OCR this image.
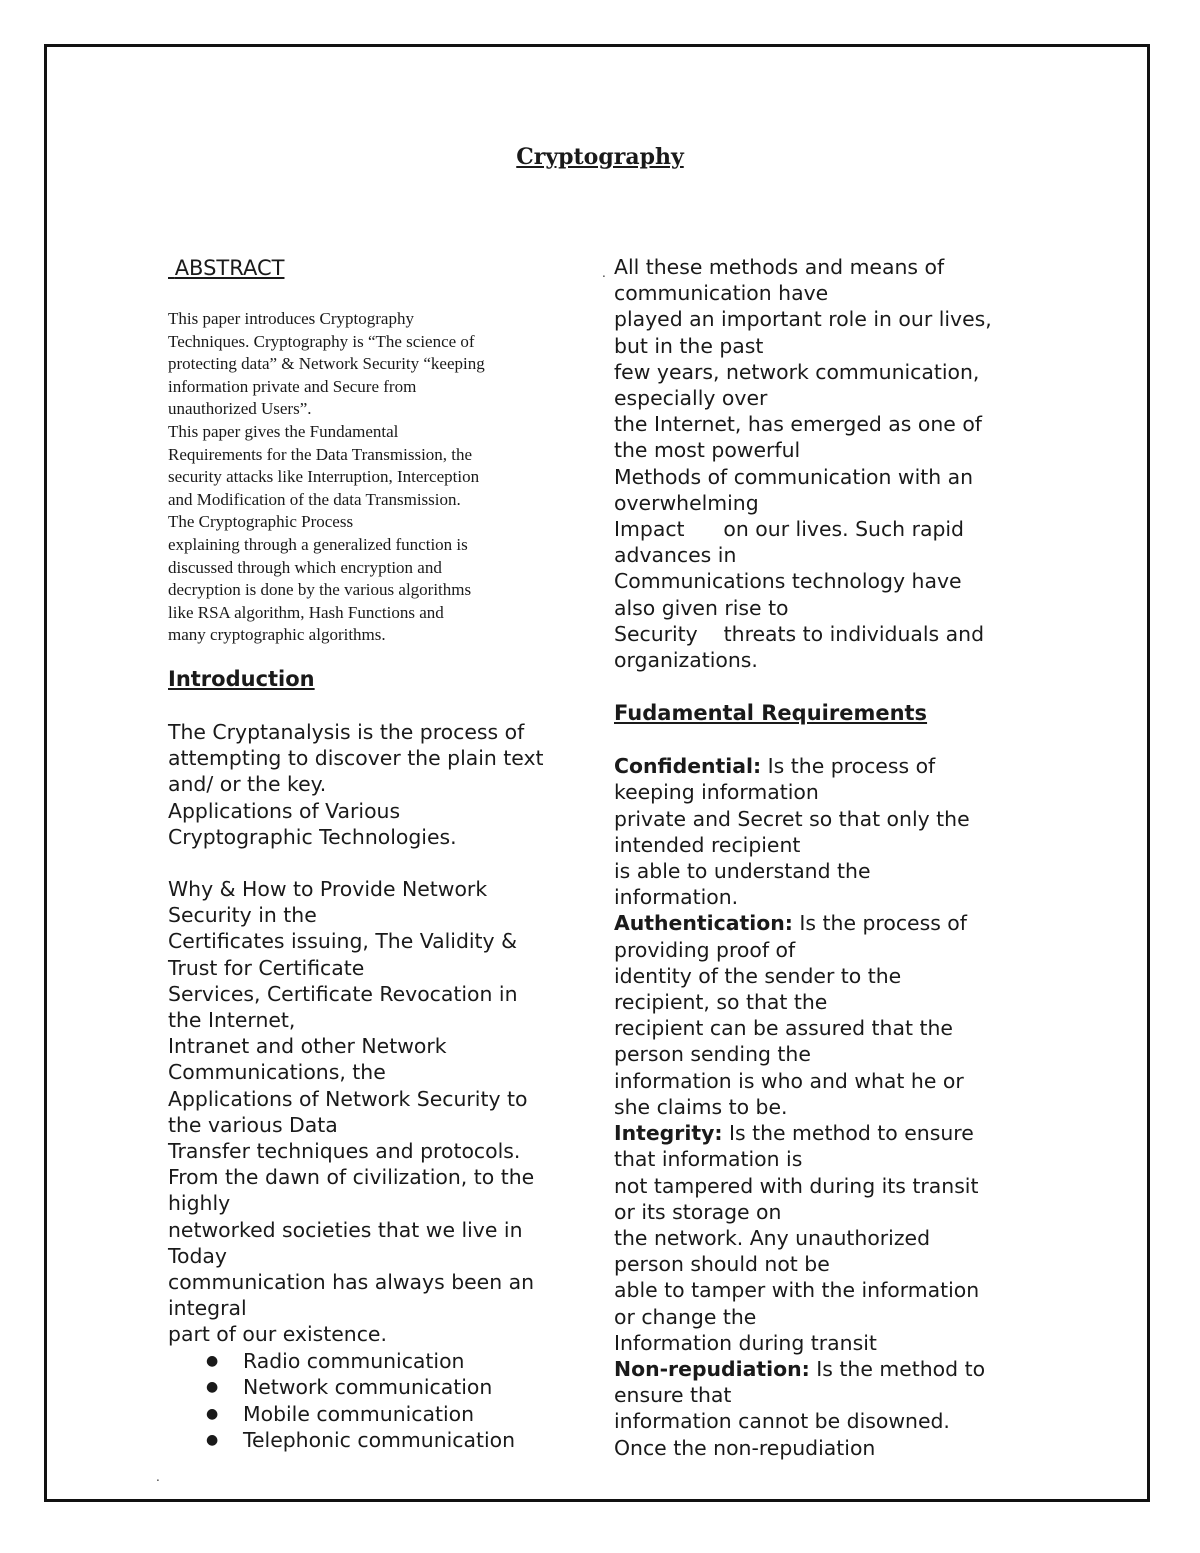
Cryptography
.
.
ABSTRACT
This paper introduces Cryptography
Techniques. Cryptography is “The science of
protecting data” & Network Security “keeping
information private and Secure from
unauthorized Users”.
This paper gives the Fundamental
Requirements for the Data Transmission, the
security attacks like Interruption, Interception
and Modification of the data Transmission.
The Cryptographic Process
explaining through a generalized function is
discussed through which encryption and
decryption is done by the various algorithms
like RSA algorithm, Hash Functions and
many cryptographic algorithms.
Introduction
The Cryptanalysis is the process of
attempting to discover the plain text
and/ or the key.
Applications of Various
Cryptographic Technologies.
Why & How to Provide Network
Security in the
Certificates issuing, The Validity &
Trust for Certificate
Services, Certificate Revocation in
the Internet,
Intranet and other Network
Communications, the
Applications of Network Security to
the various Data
Transfer techniques and protocols.
From the dawn of civilization, to the
highly
networked societies that we live in
Today
communication has always been an
integral
part of our existence.
●	Radio communication
●	Network communication
●	Mobile communication
●	Telephonic communication
All these methods and means of
communication have
played an important role in our lives,
but in the past
few years, network communication,
especially over
the Internet, has emerged as one of
the most powerful
Methods of communication with an
overwhelming
Impact      on our lives. Such rapid
advances in
Communications technology have
also given rise to
Security    threats to individuals and
organizations.
Fudamental Requirements
Confidential: Is the process of
keeping information
private and Secret so that only the
intended recipient
is able to understand the
information.
Authentication: Is the process of
providing proof of
identity of the sender to the
recipient, so that the
recipient can be assured that the
person sending the
information is who and what he or
she claims to be.
Integrity: Is the method to ensure
that information is
not tampered with during its transit
or its storage on
the network. Any unauthorized
person should not be
able to tamper with the information
or change the
Information during transit
Non-repudiation: Is the method to
ensure that
information cannot be disowned.
Once the non-repudiation
